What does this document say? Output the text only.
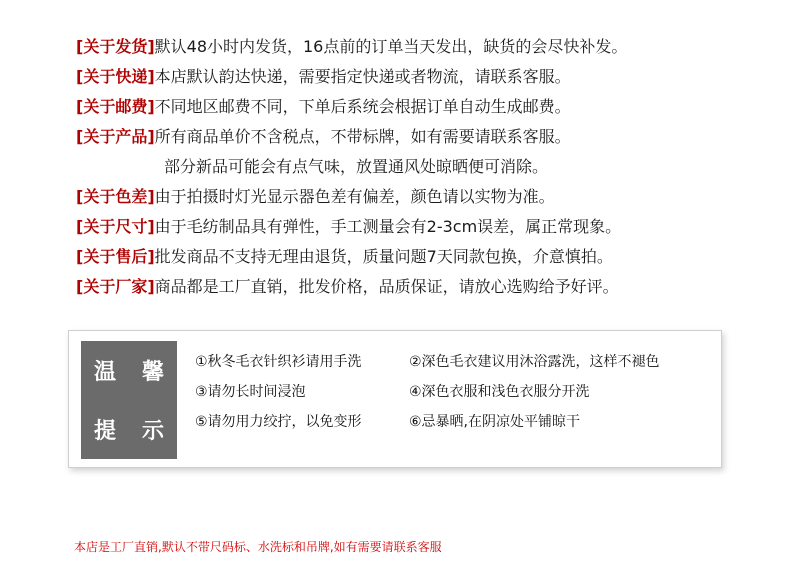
[关于发货]默认48小时内发货，16点前的订单当天发出，缺货的会尽快补发。
[关于快递]本店默认韵达快递，需要指定快递或者物流，请联系客服。
[关于邮费]不同地区邮费不同，下单后系统会根据订单自动生成邮费。
[关于产品]所有商品单价不含税点，不带标牌，如有需要请联系客服。
部分新品可能会有点气味，放置通风处晾晒便可消除。
[关于色差]由于拍摄时灯光显示器色差有偏差，颜色请以实物为准。
[关于尺寸]由于毛纺制品具有弹性，手工测量会有2-3cm误差，属正常现象。
[关于售后]批发商品不支持无理由退货，质量问题7天同款包换，介意慎拍。
[关于厂家]商品都是工厂直销，批发价格，品质保证，请放心选购给予好评。
温	馨
提	示
①秋冬毛衣针织衫请用手洗	②深色毛衣建议用沐浴露洗，这样不褪色
③请勿长时间浸泡	④深色衣服和浅色衣服分开洗
⑤请勿用力绞拧，以免变形	⑥忌暴晒,在阴凉处平铺晾干
本店是工厂直销,默认不带尺码标、水洗标和吊牌,如有需要请联系客服
